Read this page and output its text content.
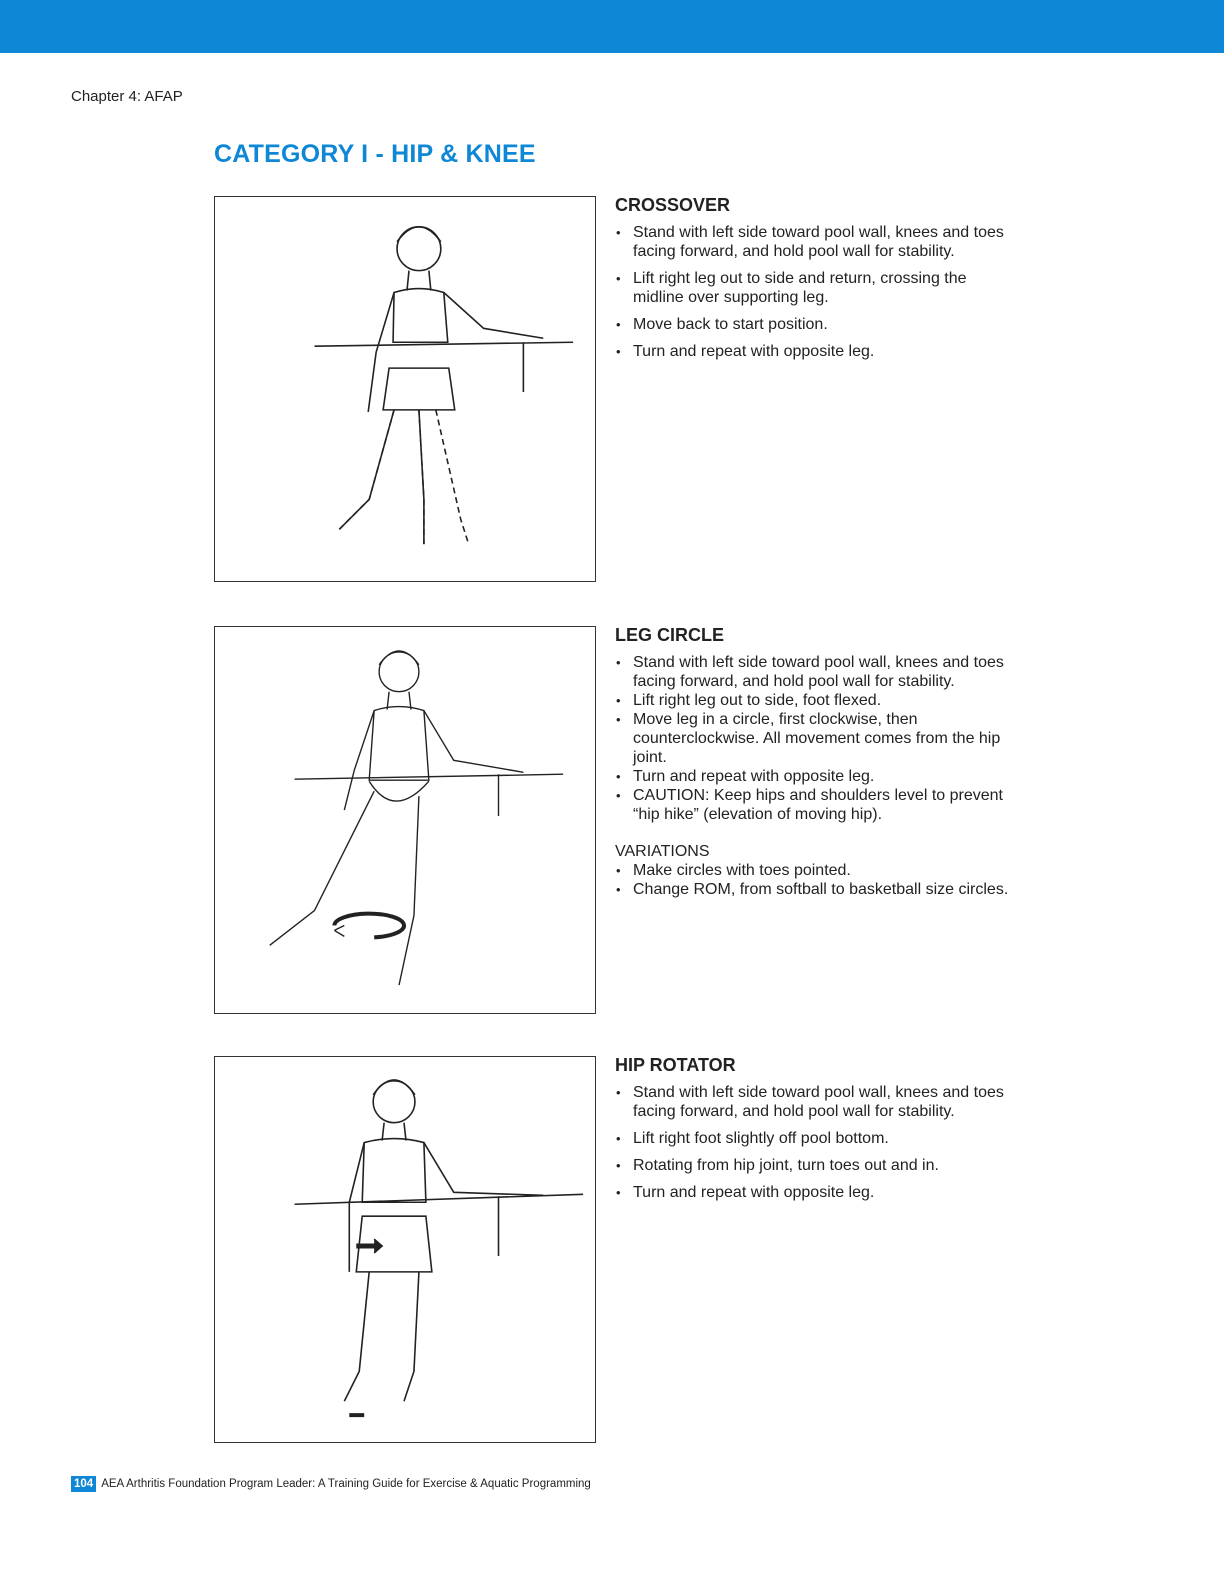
Chapter 4: AFAP
CATEGORY I - HIP & KNEE
CROSSOVER
• Stand with left side toward pool wall, knees and toes facing forward, and hold pool wall for stability.
• Lift right leg out to side and return, crossing the midline over supporting leg.
• Move back to start position.
• Turn and repeat with opposite leg.
LEG CIRCLE
• Stand with left side toward pool wall, knees and toes facing forward, and hold pool wall for stability.
• Lift right leg out to side, foot flexed.
• Move leg in a circle, first clockwise, then counterclockwise. All movement comes from the hip joint.
• Turn and repeat with opposite leg.
• CAUTION: Keep hips and shoulders level to prevent “hip hike” (elevation of moving hip).
VARIATIONS
• Make circles with toes pointed.
• Change ROM, from softball to basketball size circles.
HIP ROTATOR
• Stand with left side toward pool wall, knees and toes facing forward, and hold pool wall for stability.
• Lift right foot slightly off pool bottom.
• Rotating from hip joint, turn toes out and in.
• Turn and repeat with opposite leg.
104 AEA Arthritis Foundation Program Leader: A Training Guide for Exercise & Aquatic Programming
